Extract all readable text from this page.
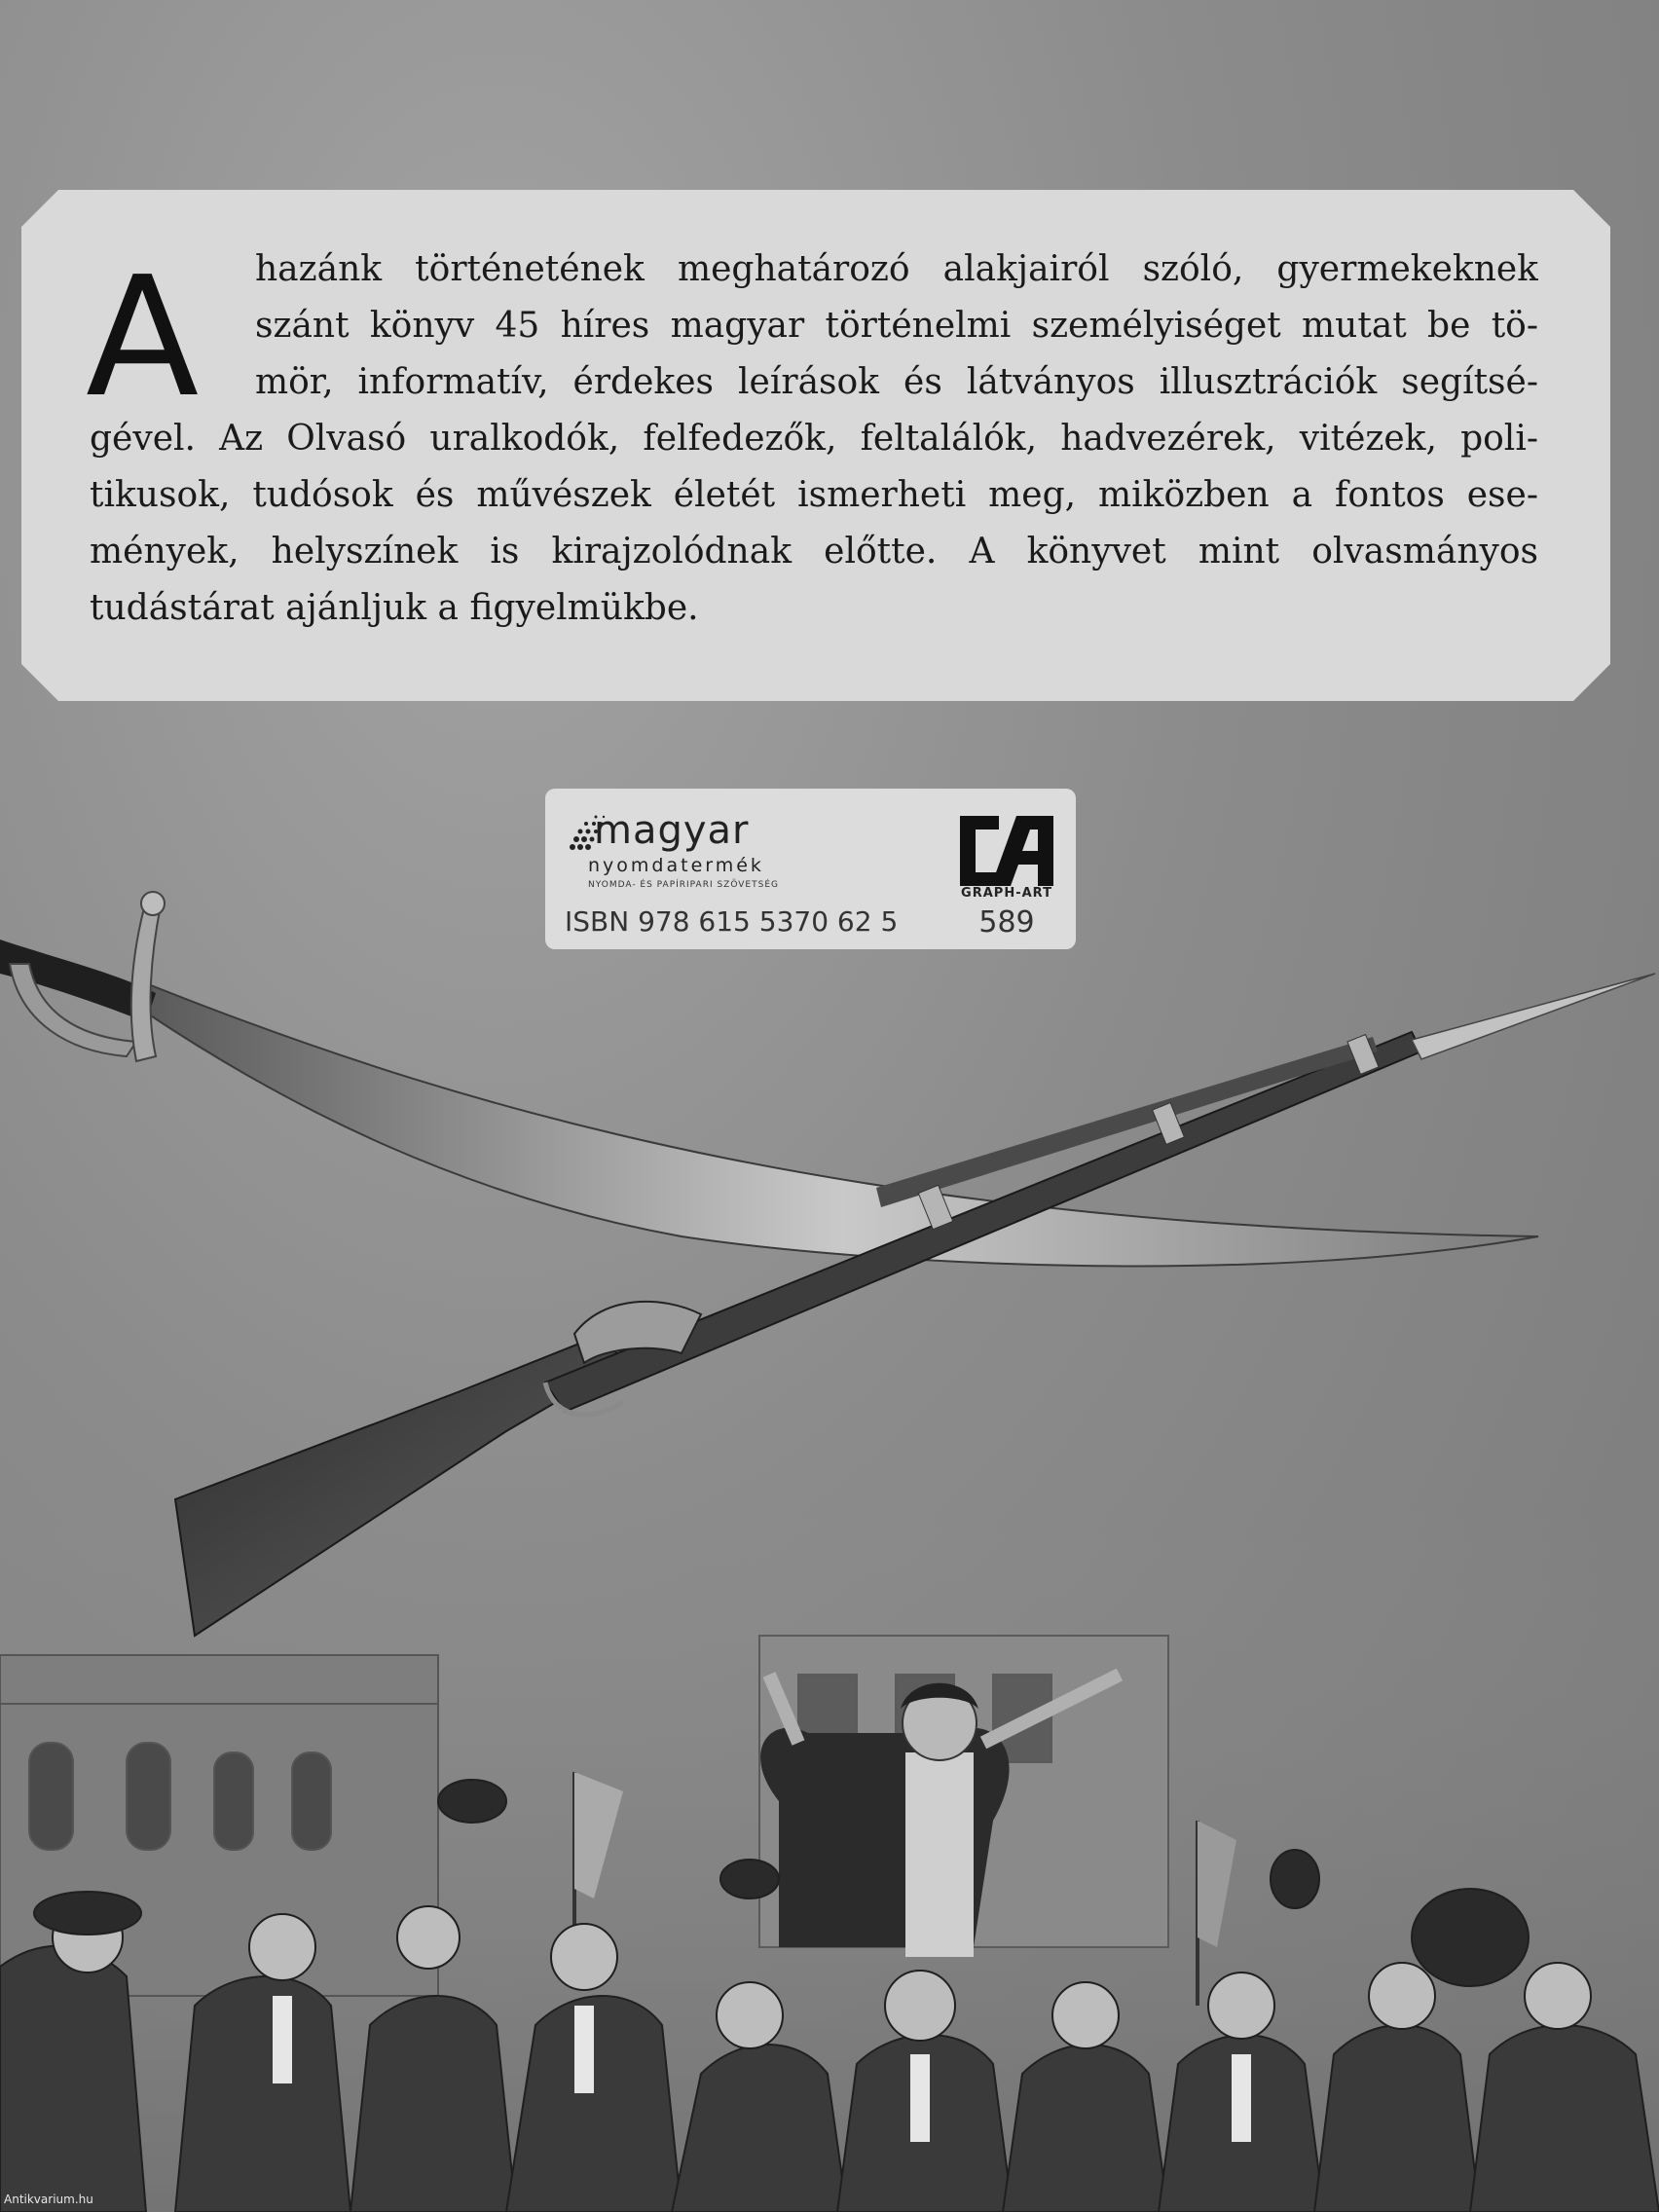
A hazánk történetének meghatározó alakjairól szóló, gyermekeknek
szánt könyv 45 híres magyar történelmi személyiséget mutat be tö-
mör, informatív, érdekes leírások és látványos illusztrációk segítsé-
gével. Az Olvasó uralkodók, felfedezők, feltalálók, hadvezérek, vitézek, poli-
tikusok, tudósok és művészek életét ismerheti meg, miközben a fontos ese-
mények, helyszínek is kirajzolódnak előtte. A könyvet mint olvasmányos
tudástárat ajánljuk a figyelmükbe.
magyar
nyomdatermék
NYOMDA- ÉS PAPÍRIPARI SZÖVETSÉG
ISBN 978 615 5370 62 5
GRAPH-ART
589
Antikvarium.hu
